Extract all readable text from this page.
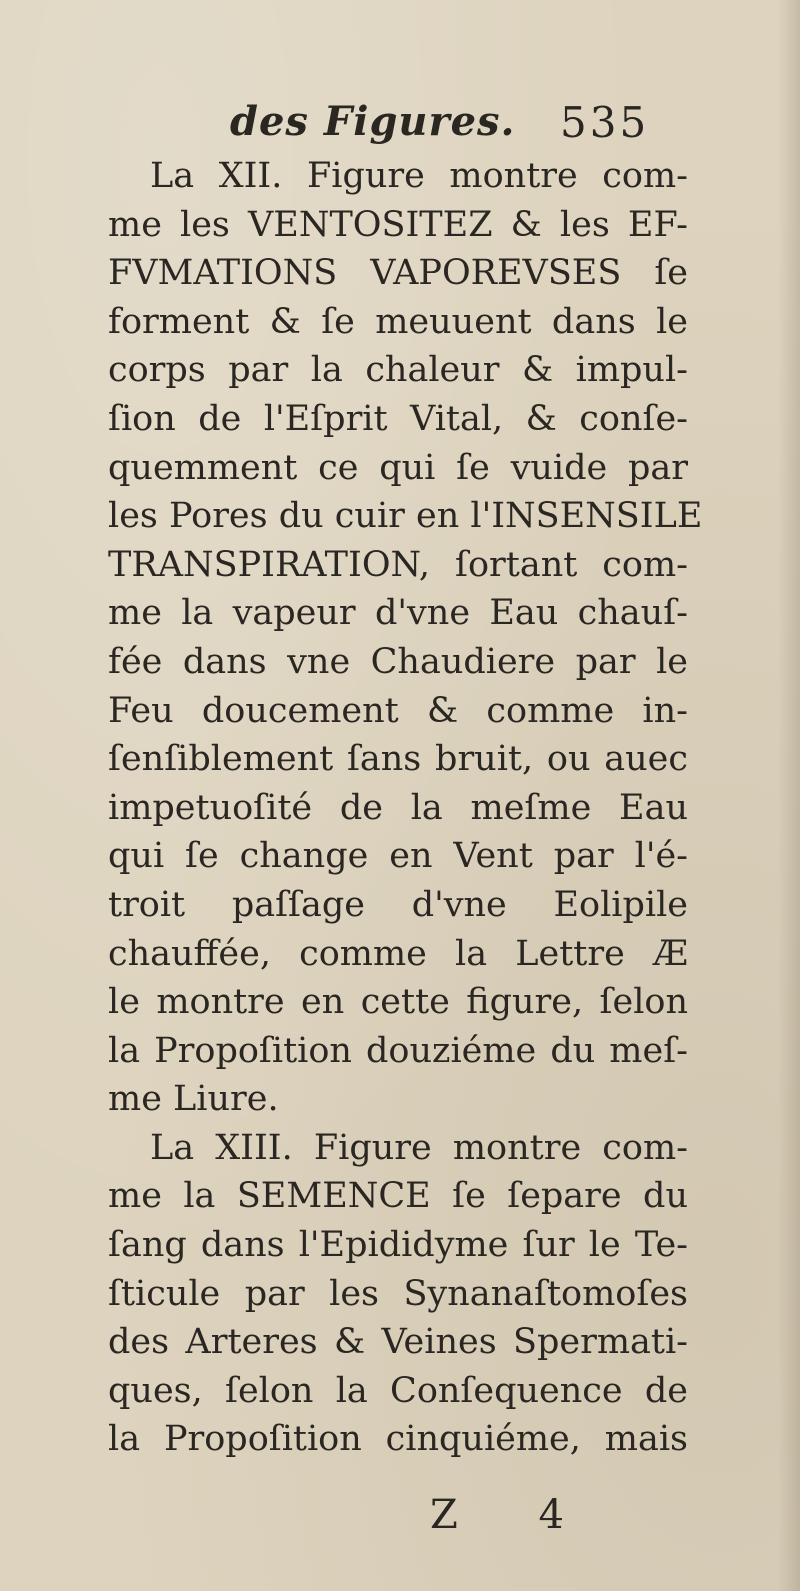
des Figures. 535
La XII. Figure montre com-
me les VENTOSITEZ & les EF-
FVMATIONS VAPOREVSES ſe
forment & ſe meuuent dans le
corps par la chaleur & impul-
ſion de l'Eſprit Vital, & conſe-
quemment ce qui ſe vuide par
les Pores du cuir en l'INSENSILE
TRANSPIRATION, ſortant com-
me la vapeur d'vne Eau chauſ-
fée dans vne Chaudiere par le
Feu doucement & comme in-
ſenſiblement ſans bruit, ou auec
impetuoſité de la meſme Eau
qui ſe change en Vent par l'é-
troit paſſage d'vne Eolipile
chauffée, comme la Lettre Æ
le montre en cette figure, ſelon
la Propoſition douziéme du meſ-
me Liure.
La XIII. Figure montre com-
me la SEMENCE ſe ſepare du
ſang dans l'Epididyme ſur le Te-
ſticule par les Synanaſtomoſes
des Arteres & Veines Spermati-
ques, ſelon la Conſequence de
la Propoſition cinquiéme, mais
Z 4
